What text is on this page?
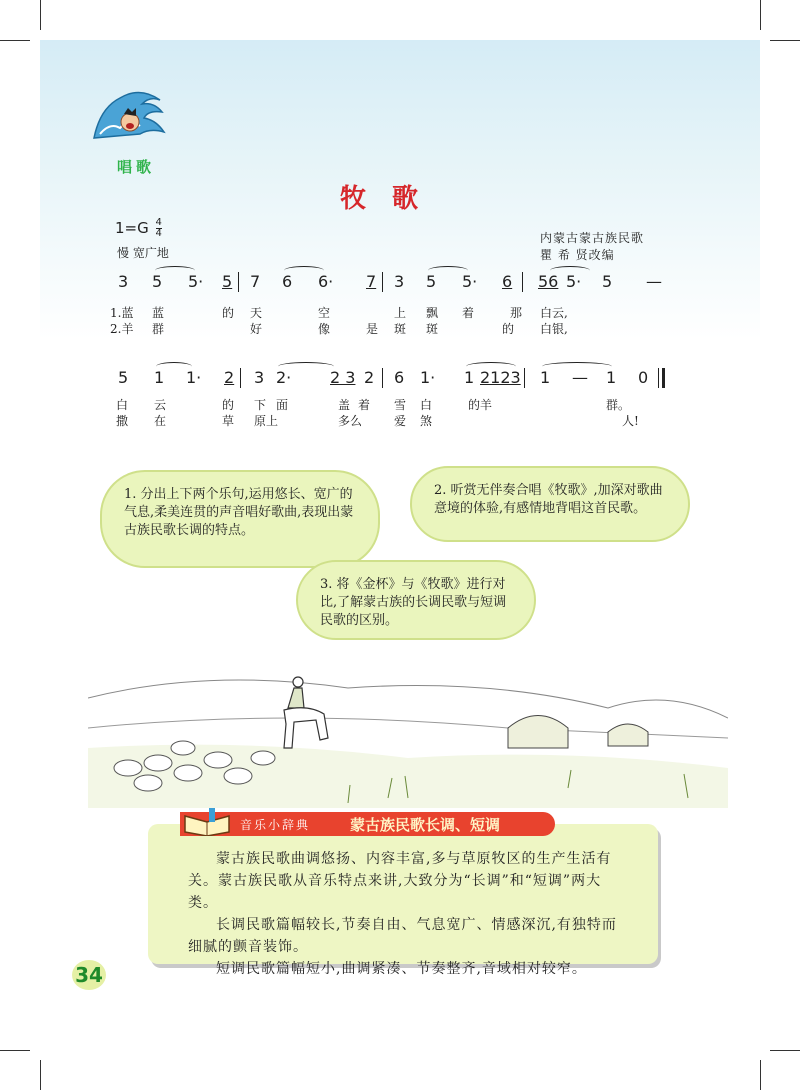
唱歌
牧歌
$1=G \frac{4}{4}$
慢 宽广地
内蒙古蒙古族民歌
瞿 希 贤改编
3 5 5· 5 7 6 6· 7 3 5 5· 6 56 5· 5 —
1.蓝 蓝	的 天	空	上 飘 着	那 白云,
2.羊 群	好	像	是 斑 斑	的 白银,
5 1 1· 2 3 2· 2 3 2 6 1· 1 2123 1 — 1 0
白 云	的 下 面	盖 着 雪 白	的羊	群。
撒 在	草 原上	多么	爱 煞	人!
1. 分出上下两个乐句,运用悠长、宽广的气息,柔美连贯的声音唱好歌曲,表现出蒙古族民歌长调的特点。
2. 听赏无伴奏合唱《牧歌》,加深对歌曲意境的体验,有感情地背唱这首民歌。
3. 将《金杯》与《牧歌》进行对比,了解蒙古族的长调民歌与短调民歌的区别。

蒙古族民歌曲调悠扬、内容丰富,多与草原牧区的生产生活有关。蒙古族民歌从音乐特点来讲,大致分为“长调”和“短调”两大类。

长调民歌篇幅较长,节奏自由、气息宽广、情感深沉,有独特而细腻的颤音装饰。

短调民歌篇幅短小,曲调紧凑、节奏整齐,音域相对较窄。

音乐小辞典	蒙古族民歌长调、短调
34
